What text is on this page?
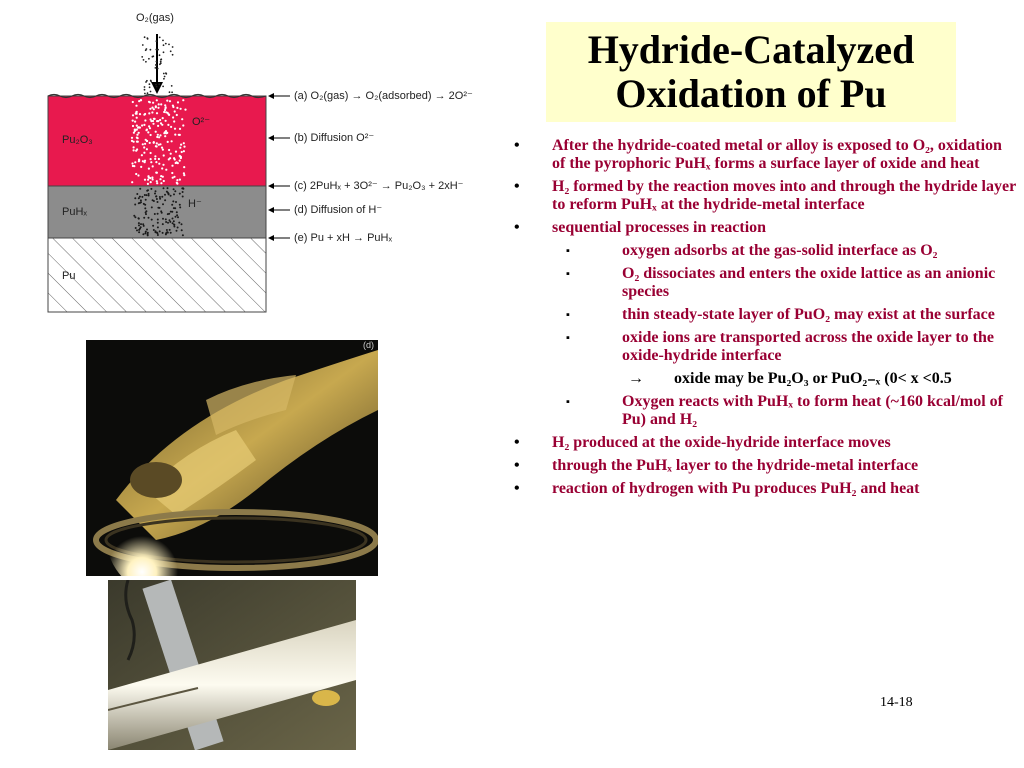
Hydride-Catalyzed
Oxidation of Pu
O₂(gas)
Pu₂O₃
O²⁻
PuHₓ
H⁻
Pu
(a) O₂(gas) → O₂(adsorbed) → 2O²⁻
(b) Diffusion O²⁻
(c) 2PuHₓ + 3O²⁻ → Pu₂O₃ + 2xH⁻
(d) Diffusion of H⁻
(e) Pu + xH → PuHₓ
(d)
• After the hydride-coated metal or alloy is exposed to O₂, oxidation of the pyrophoric PuHₓ forms a surface layer of oxide and heat
• H₂ formed by the reaction moves into and through the hydride layer to reform PuHₓ at the hydride-metal interface
• sequential processes in reaction
▪	oxygen adsorbs at the gas-solid interface as O₂
▪	O₂ dissociates and enters the oxide lattice as an anionic species
▪	thin steady-state layer of PuO₂ may exist at the surface
▪	oxide ions are transported across the oxide layer to the oxide-hydride interface
→ oxide may be Pu₂O₃ or PuO₂₋ₓ (0< x <0.5
▪	Oxygen reacts with PuHₓ to form heat (~160 kcal/mol of Pu) and H₂
• H₂ produced at the oxide-hydride interface moves
• through the PuHₓ layer to the hydride-metal interface
• reaction of hydrogen with Pu produces PuH₂ and heat
14-18
